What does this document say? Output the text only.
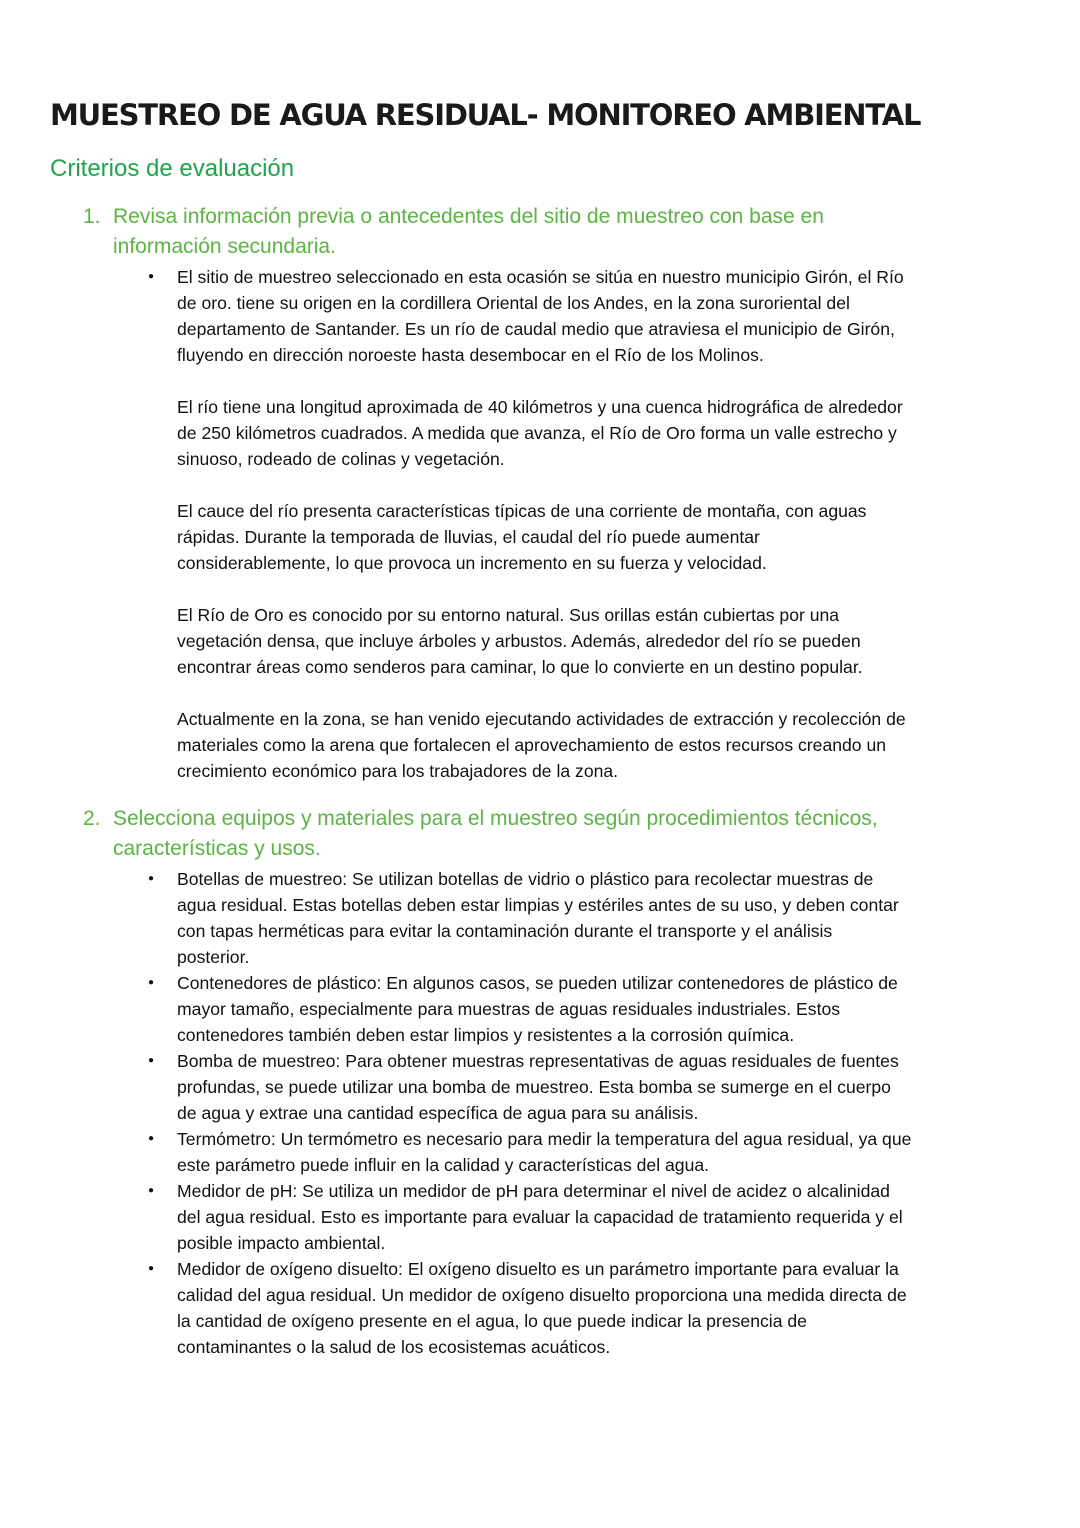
MUESTREO DE AGUA RESIDUAL- MONITOREO AMBIENTAL
Criterios de evaluación
1. Revisa información previa o antecedentes del sitio de muestreo con base en
información secundaria.
● El sitio de muestreo seleccionado en esta ocasión se sitúa en nuestro municipio Girón, el Río
de oro. tiene su origen en la cordillera Oriental de los Andes, en la zona suroriental del
departamento de Santander. Es un río de caudal medio que atraviesa el municipio de Girón,
fluyendo en dirección noroeste hasta desembocar en el Río de los Molinos.
El río tiene una longitud aproximada de 40 kilómetros y una cuenca hidrográfica de alrededor
de 250 kilómetros cuadrados. A medida que avanza, el Río de Oro forma un valle estrecho y
sinuoso, rodeado de colinas y vegetación.
El cauce del río presenta características típicas de una corriente de montaña, con aguas
rápidas. Durante la temporada de lluvias, el caudal del río puede aumentar
considerablemente, lo que provoca un incremento en su fuerza y velocidad.
El Río de Oro es conocido por su entorno natural. Sus orillas están cubiertas por una
vegetación densa, que incluye árboles y arbustos. Además, alrededor del río se pueden
encontrar áreas como senderos para caminar, lo que lo convierte en un destino popular.
Actualmente en la zona, se han venido ejecutando actividades de extracción y recolección de
materiales como la arena que fortalecen el aprovechamiento de estos recursos creando un
crecimiento económico para los trabajadores de la zona.
2. Selecciona equipos y materiales para el muestreo según procedimientos técnicos,
características y usos.
● Botellas de muestreo: Se utilizan botellas de vidrio o plástico para recolectar muestras de
agua residual. Estas botellas deben estar limpias y estériles antes de su uso, y deben contar
con tapas herméticas para evitar la contaminación durante el transporte y el análisis
posterior.
● Contenedores de plástico: En algunos casos, se pueden utilizar contenedores de plástico de
mayor tamaño, especialmente para muestras de aguas residuales industriales. Estos
contenedores también deben estar limpios y resistentes a la corrosión química.
● Bomba de muestreo: Para obtener muestras representativas de aguas residuales de fuentes
profundas, se puede utilizar una bomba de muestreo. Esta bomba se sumerge en el cuerpo
de agua y extrae una cantidad específica de agua para su análisis.
● Termómetro: Un termómetro es necesario para medir la temperatura del agua residual, ya que
este parámetro puede influir en la calidad y características del agua.
● Medidor de pH: Se utiliza un medidor de pH para determinar el nivel de acidez o alcalinidad
del agua residual. Esto es importante para evaluar la capacidad de tratamiento requerida y el
posible impacto ambiental.
● Medidor de oxígeno disuelto: El oxígeno disuelto es un parámetro importante para evaluar la
calidad del agua residual. Un medidor de oxígeno disuelto proporciona una medida directa de
la cantidad de oxígeno presente en el agua, lo que puede indicar la presencia de
contaminantes o la salud de los ecosistemas acuáticos.
